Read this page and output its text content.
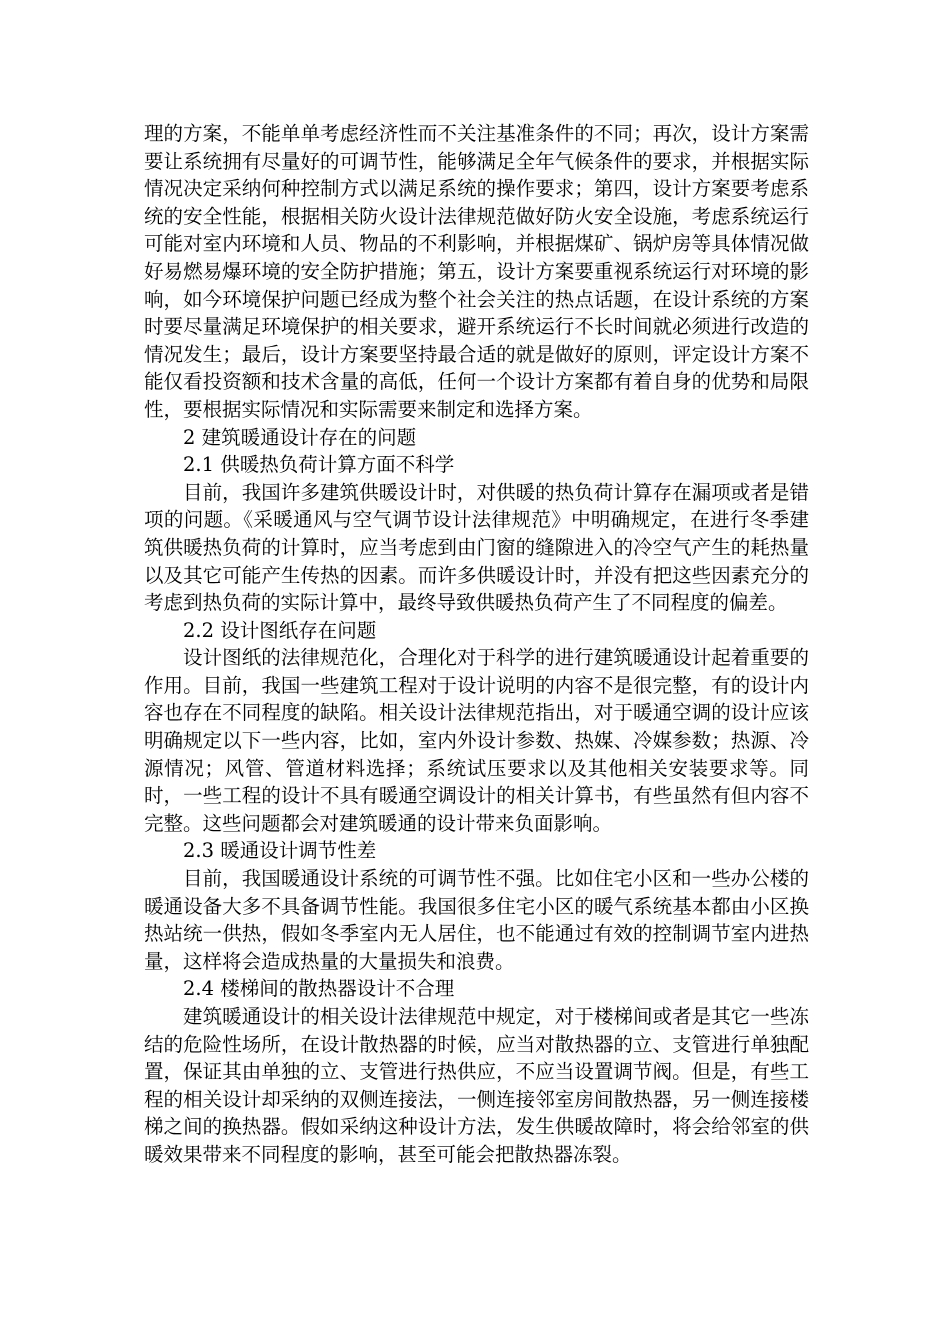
理的方案，不能单单考虑经济性而不关注基准条件的不同；再次，设计方案需要让系统拥有尽量好的可调节性，能够满足全年气候条件的要求，并根据实际情况决定采纳何种控制方式以满足系统的操作要求；第四，设计方案要考虑系统的安全性能，根据相关防火设计法律规范做好防火安全设施，考虑系统运行可能对室内环境和人员、物品的不利影响，并根据煤矿、锅炉房等具体情况做好易燃易爆环境的安全防护措施；第五，设计方案要重视系统运行对环境的影响，如今环境保护问题已经成为整个社会关注的热点话题，在设计系统的方案时要尽量满足环境保护的相关要求，避开系统运行不长时间就必须进行改造的情况发生；最后，设计方案要坚持最合适的就是做好的原则，评定设计方案不能仅看投资额和技术含量的高低，任何一个设计方案都有着自身的优势和局限性，要根据实际情况和实际需要来制定和选择方案。

2 建筑暖通设计存在的问题

2.1 供暖热负荷计算方面不科学

目前，我国许多建筑供暖设计时，对供暖的热负荷计算存在漏项或者是错项的问题。《采暖通风与空气调节设计法律规范》中明确规定，在进行冬季建筑供暖热负荷的计算时，应当考虑到由门窗的缝隙进入的冷空气产生的耗热量以及其它可能产生传热的因素。而许多供暖设计时，并没有把这些因素充分的考虑到热负荷的实际计算中，最终导致供暖热负荷产生了不同程度的偏差。

2.2 设计图纸存在问题

设计图纸的法律规范化，合理化对于科学的进行建筑暖通设计起着重要的作用。目前，我国一些建筑工程对于设计说明的内容不是很完整，有的设计内容也存在不同程度的缺陷。相关设计法律规范指出，对于暖通空调的设计应该明确规定以下一些内容，比如，室内外设计参数、热媒、冷媒参数；热源、冷源情况；风管、管道材料选择；系统试压要求以及其他相关安装要求等。同时，一些工程的设计不具有暖通空调设计的相关计算书，有些虽然有但内容不完整。这些问题都会对建筑暖通的设计带来负面影响。

2.3 暖通设计调节性差

目前，我国暖通设计系统的可调节性不强。比如住宅小区和一些办公楼的暖通设备大多不具备调节性能。我国很多住宅小区的暖气系统基本都由小区换热站统一供热，假如冬季室内无人居住，也不能通过有效的控制调节室内进热量，这样将会造成热量的大量损失和浪费。

2.4 楼梯间的散热器设计不合理

建筑暖通设计的相关设计法律规范中规定，对于楼梯间或者是其它一些冻结的危险性场所，在设计散热器的时候，应当对散热器的立、支管进行单独配置，保证其由单独的立、支管进行热供应，不应当设置调节阀。但是，有些工程的相关设计却采纳的双侧连接法，一侧连接邻室房间散热器，另一侧连接楼梯之间的换热器。假如采纳这种设计方法，发生供暖故障时，将会给邻室的供暖效果带来不同程度的影响，甚至可能会把散热器冻裂。
